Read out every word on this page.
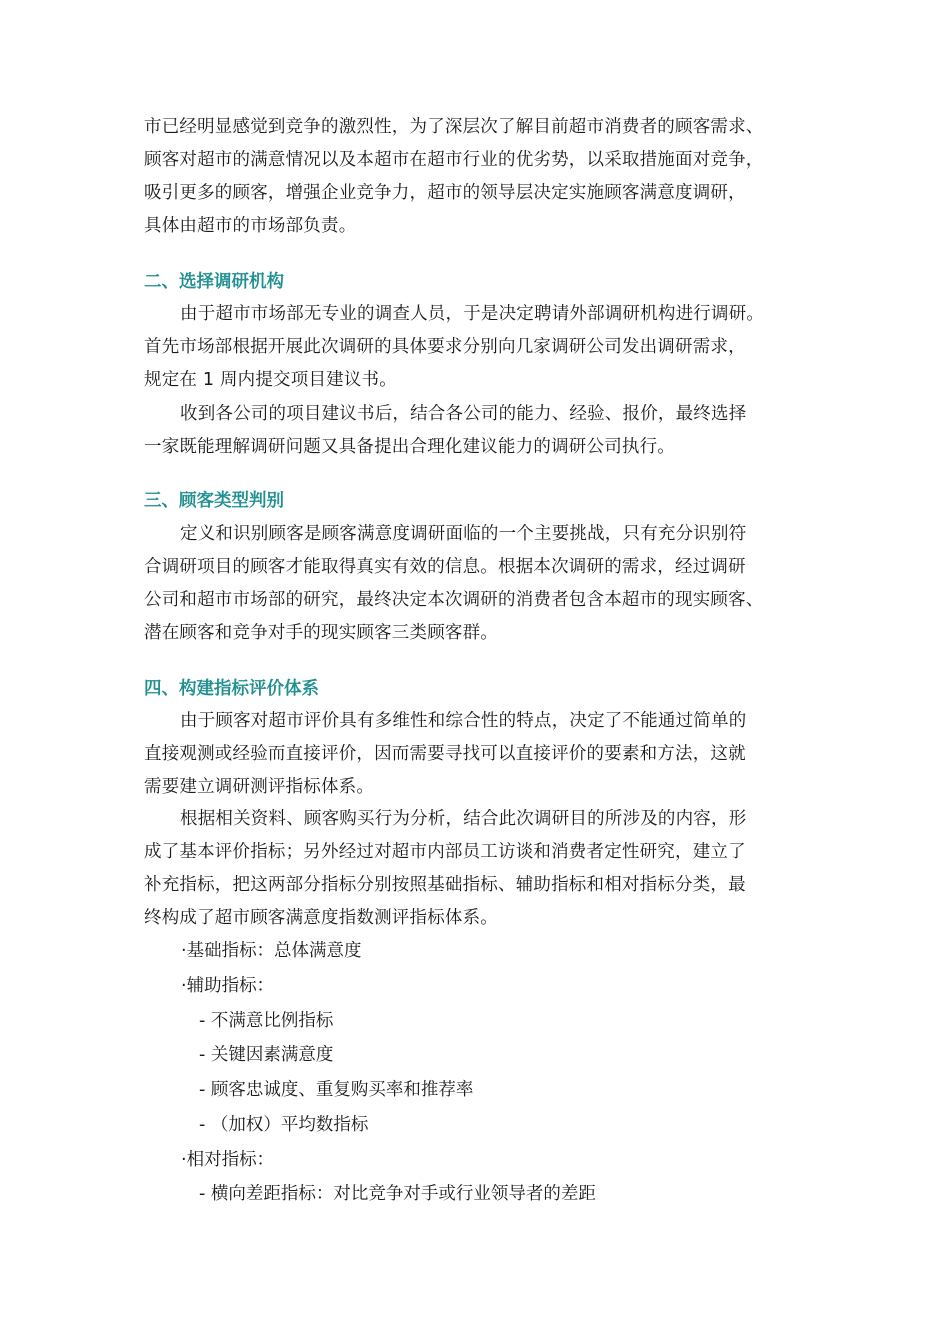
市已经明显感觉到竞争的激烈性，为了深层次了解目前超市消费者的顾客需求、
顾客对超市的满意情况以及本超市在超市行业的优劣势，以采取措施面对竞争，
吸引更多的顾客，增强企业竞争力，超市的领导层决定实施顾客满意度调研，
具体由超市的市场部负责。
二、选择调研机构
由于超市市场部无专业的调查人员，于是决定聘请外部调研机构进行调研。
首先市场部根据开展此次调研的具体要求分别向几家调研公司发出调研需求，
规定在 1 周内提交项目建议书。
收到各公司的项目建议书后，结合各公司的能力、经验、报价，最终选择
一家既能理解调研问题又具备提出合理化建议能力的调研公司执行。
三、顾客类型判别
定义和识别顾客是顾客满意度调研面临的一个主要挑战，只有充分识别符
合调研项目的顾客才能取得真实有效的信息。根据本次调研的需求，经过调研
公司和超市市场部的研究，最终决定本次调研的消费者包含本超市的现实顾客、
潜在顾客和竞争对手的现实顾客三类顾客群。
四、构建指标评价体系
由于顾客对超市评价具有多维性和综合性的特点，决定了不能通过简单的
直接观测或经验而直接评价，因而需要寻找可以直接评价的要素和方法，这就
需要建立调研测评指标体系。
根据相关资料、顾客购买行为分析，结合此次调研目的所涉及的内容，形
成了基本评价指标；另外经过对超市内部员工访谈和消费者定性研究，建立了
补充指标，把这两部分指标分别按照基础指标、辅助指标和相对指标分类，最
终构成了超市顾客满意度指数测评指标体系。

·基础指标：总体满意度

·辅助指标：

- 不满意比例指标

- 关键因素满意度

- 顾客忠诚度、重复购买率和推荐率

- （加权）平均数指标

·相对指标：

- 横向差距指标：对比竞争对手或行业领导者的差距
